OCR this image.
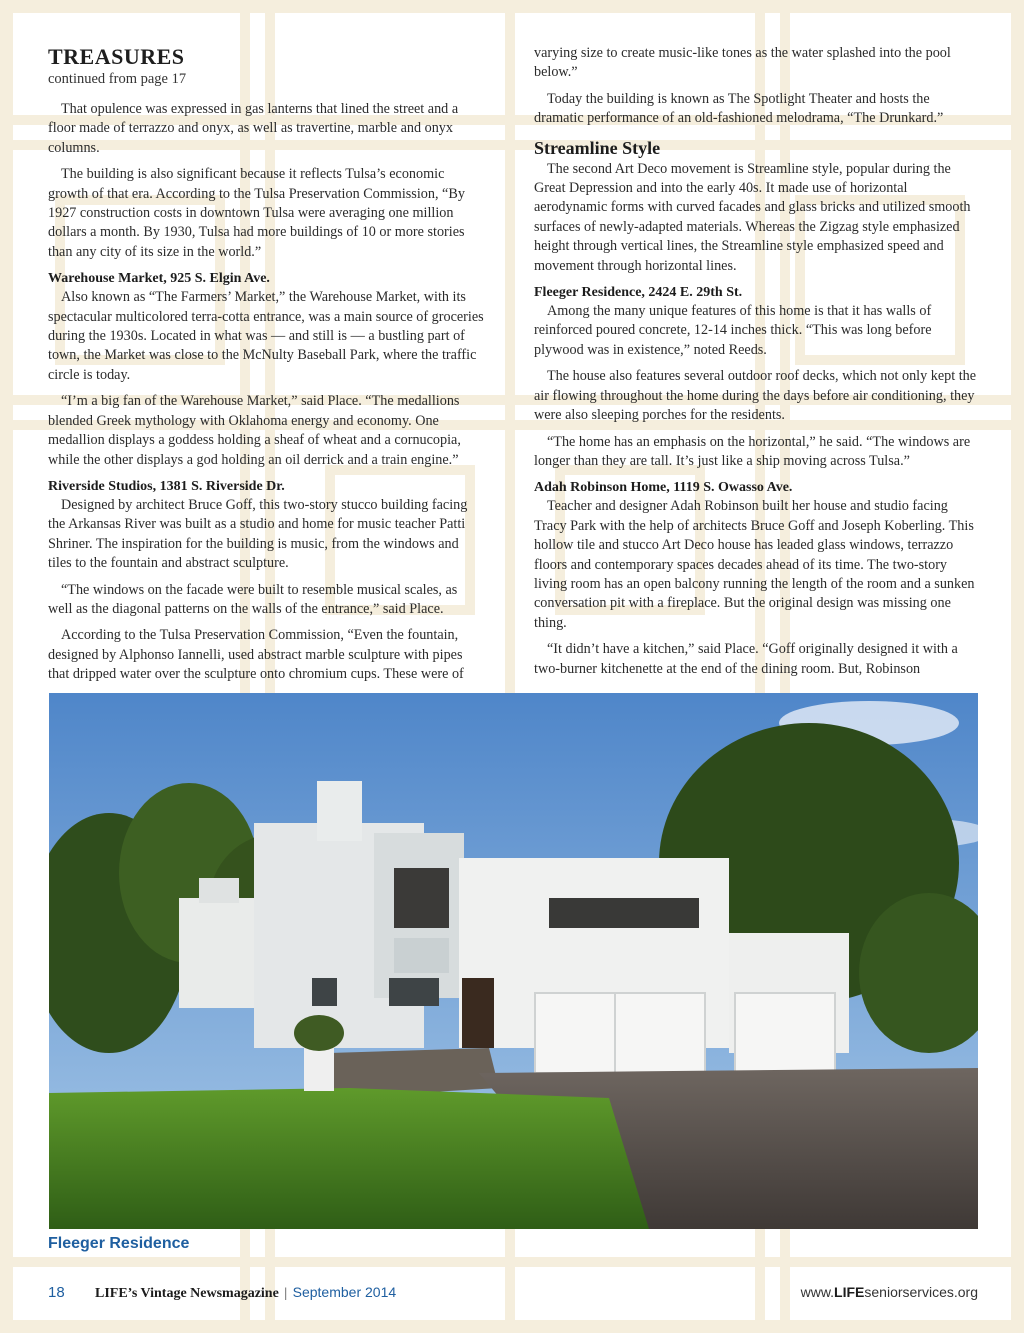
TREASURES
continued from page 17

That opulence was expressed in gas lanterns that lined the street and a floor made of terrazzo and onyx, as well as travertine, marble and onyx columns.

The building is also significant because it reflects Tulsa’s economic growth of that era. According to the Tulsa Preservation Commission, “By 1927 construction costs in downtown Tulsa were averaging one million dollars a month. By 1930, Tulsa had more buildings of 10 or more stories than any city of its size in the world.”

Warehouse Market, 925 S. Elgin Ave.

Also known as “The Farmers’ Market,” the Warehouse Market, with its spectacular multicolored terra-cotta entrance, was a main source of groceries during the 1930s. Located in what was — and still is — a bustling part of town, the Market was close to the McNulty Baseball Park, where the traffic circle is today.

“I’m a big fan of the Warehouse Market,” said Place. “The medallions blended Greek mythology with Oklahoma energy and economy. One medallion displays a goddess holding a sheaf of wheat and a cornucopia, while the other displays a god holding an oil derrick and a train engine.”

Riverside Studios, 1381 S. Riverside Dr.

Designed by architect Bruce Goff, this two-story stucco building facing the Arkansas River was built as a studio and home for music teacher Patti Shriner. The inspiration for the building is music, from the windows and tiles to the fountain and abstract sculpture.

“The windows on the facade were built to resemble musical scales, as well as the diagonal patterns on the walls of the entrance,” said Place.

According to the Tulsa Preservation Commission, “Even the fountain, designed by Alphonso Iannelli, used abstract marble sculpture with pipes that dripped water over the sculpture onto chromium cups. These were of

varying size to create music-like tones as the water splashed into the pool below.”

Today the building is known as The Spotlight Theater and hosts the dramatic performance of an old-fashioned melodrama, “The Drunkard.”

Streamline Style

The second Art Deco movement is Streamline style, popular during the Great Depression and into the early 40s. It made use of horizontal aerodynamic forms with curved facades and glass bricks and utilized smooth surfaces of newly-adapted materials. Whereas the Zigzag style emphasized height through vertical lines, the Streamline style emphasized speed and movement through horizontal lines.

Fleeger Residence, 2424 E. 29th St.

Among the many unique features of this home is that it has walls of reinforced poured concrete, 12-14 inches thick. “This was long before plywood was in existence,” noted Reeds.

The house also features several outdoor roof decks, which not only kept the air flowing throughout the home during the days before air conditioning, they were also sleeping porches for the residents.

“The home has an emphasis on the horizontal,” he said. “The windows are longer than they are tall. It’s just like a ship moving across Tulsa.”

Adah Robinson Home, 1119 S. Owasso Ave.

Teacher and designer Adah Robinson built her house and studio facing Tracy Park with the help of architects Bruce Goff and Joseph Koberling. This hollow tile and stucco Art Deco house has leaded glass windows, terrazzo floors and contemporary spaces decades ahead of its time. The two-story living room has an open balcony running the length of the room and a sunken conversation pit with a fireplace. But the original design was missing one thing.

“It didn’t have a kitchen,” said Place. “Goff originally designed it with a two-burner kitchenette at the end of the dining room. But, Robinson

Fleeger Residence
18 LIFE’s Vintage Newsmagazine | September 2014	www.LIFEseniorservices.org
